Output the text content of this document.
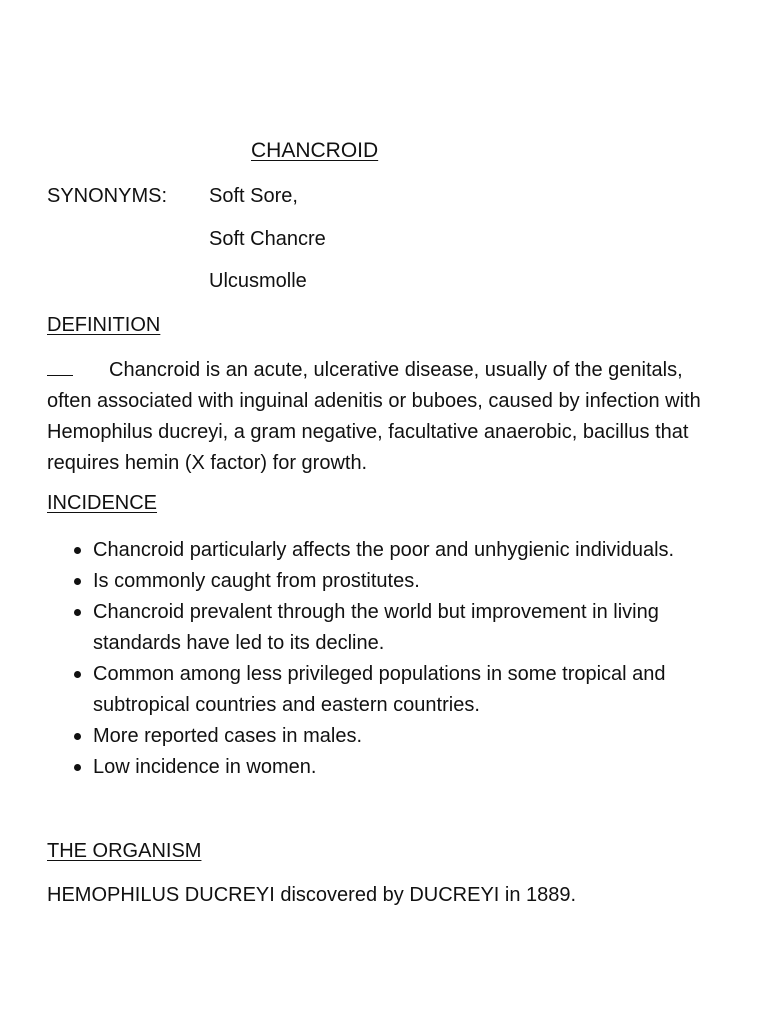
CHANCROID
SYNONYMS: Soft Sore,
Soft Chancre
Ulcusmolle
DEFINITION
Chancroid is an acute, ulcerative disease, usually of the genitals, often associated with inguinal adenitis or buboes, caused by infection with Hemophilus ducreyi, a gram negative, facultative anaerobic, bacillus that requires hemin (X factor) for growth.
INCIDENCE
Chancroid particularly affects the poor and unhygienic individuals.
Is commonly caught from prostitutes.
Chancroid prevalent through the world but improvement in living standards have led to its decline.
Common among less privileged populations in some tropical and subtropical countries and eastern countries.
More reported cases in males.
Low incidence in women.
THE ORGANISM
HEMOPHILUS DUCREYI discovered by DUCREYI in 1889.
